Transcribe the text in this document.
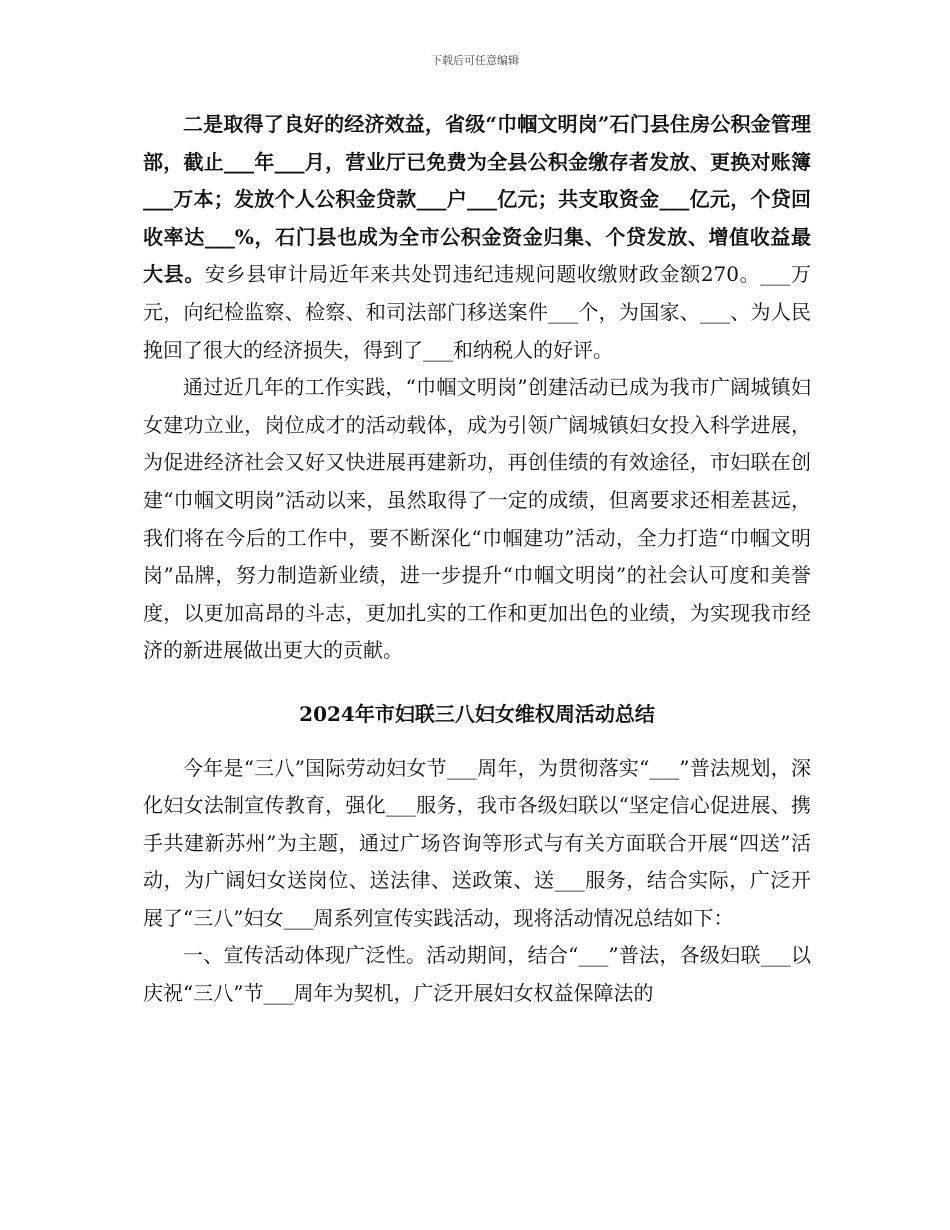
下载后可任意编辑

二是取得了良好的经济效益，省级“巾帼文明岗”石门县住房公积金管理部，截止___年___月，营业厅已免费为全县公积金缴存者发放、更换对账簿___万本；发放个人公积金贷款___户___亿元；共支取资金___亿元，个贷回收率达___%，石门县也成为全市公积金资金归集、个贷发放、增值收益最大县。安乡县审计局近年来共处罚违纪违规问题收缴财政金额270。___万元，向纪检监察、检察、和司法部门移送案件___个，为国家、___、为人民挽回了很大的经济损失，得到了___和纳税人的好评。

通过近几年的工作实践，“巾帼文明岗”创建活动已成为我市广阔城镇妇女建功立业，岗位成才的活动载体，成为引领广阔城镇妇女投入科学进展，为促进经济社会又好又快进展再建新功，再创佳绩的有效途径，市妇联在创建“巾帼文明岗”活动以来，虽然取得了一定的成绩，但离要求还相差甚远，我们将在今后的工作中，要不断深化“巾帼建功”活动，全力打造“巾帼文明岗”品牌，努力制造新业绩，进一步提升“巾帼文明岗”的社会认可度和美誉度，以更加高昂的斗志，更加扎实的工作和更加出色的业绩，为实现我市经济的新进展做出更大的贡献。

2024年市妇联三八妇女维权周活动总结

今年是“三八”国际劳动妇女节___周年，为贯彻落实“___”普法规划，深化妇女法制宣传教育，强化___服务，我市各级妇联以“坚定信心促进展、携手共建新苏州”为主题，通过广场咨询等形式与有关方面联合开展“四送”活动，为广阔妇女送岗位、送法律、送政策、送___服务，结合实际，广泛开展了“三八”妇女___周系列宣传实践活动，现将活动情况总结如下：

一、宣传活动体现广泛性。活动期间，结合“___”普法，各级妇联___以庆祝“三八”节___周年为契机，广泛开展妇女权益保障法的
